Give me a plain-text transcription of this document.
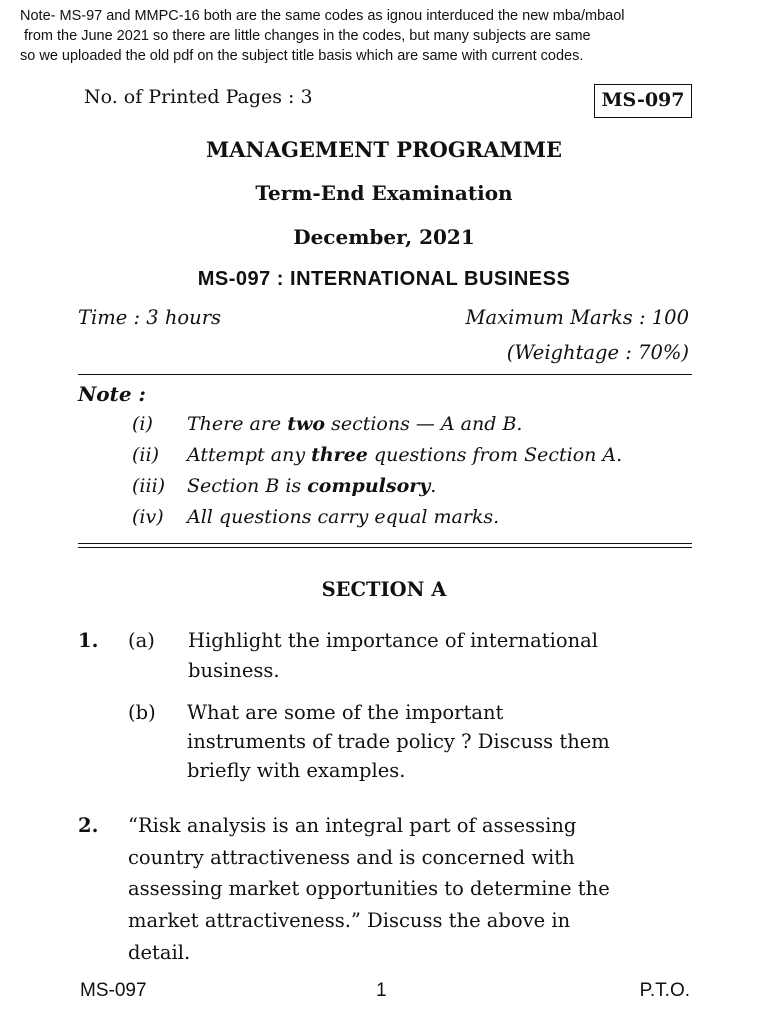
Note- MS-97 and MMPC-16 both are the same codes as ignou interduced the new mba/mbaol
from the June 2021 so there are little changes in the codes, but many subjects are same
so we uploaded the old pdf on the subject title basis which are same with current codes.
No. of Printed Pages : 3	MS-097
MANAGEMENT PROGRAMME
Term-End Examination
December, 2021
MS-097 : INTERNATIONAL BUSINESS
Time : 3 hours	Maximum Marks : 100
(Weightage : 70%)
Note :
(i) There are two sections — A and B.
(ii) Attempt any three questions from Section A.
(iii) Section B is compulsory.
(iv) All questions carry equal marks.
SECTION A
1. (a) Highlight the importance of international
business.
(b) What are some of the important
instruments of trade policy ? Discuss them
briefly with examples.
2. “Risk analysis is an integral part of assessing
country attractiveness and is concerned with
assessing market opportunities to determine the
market attractiveness.” Discuss the above in
detail.
MS-097	1	P.T.O.
